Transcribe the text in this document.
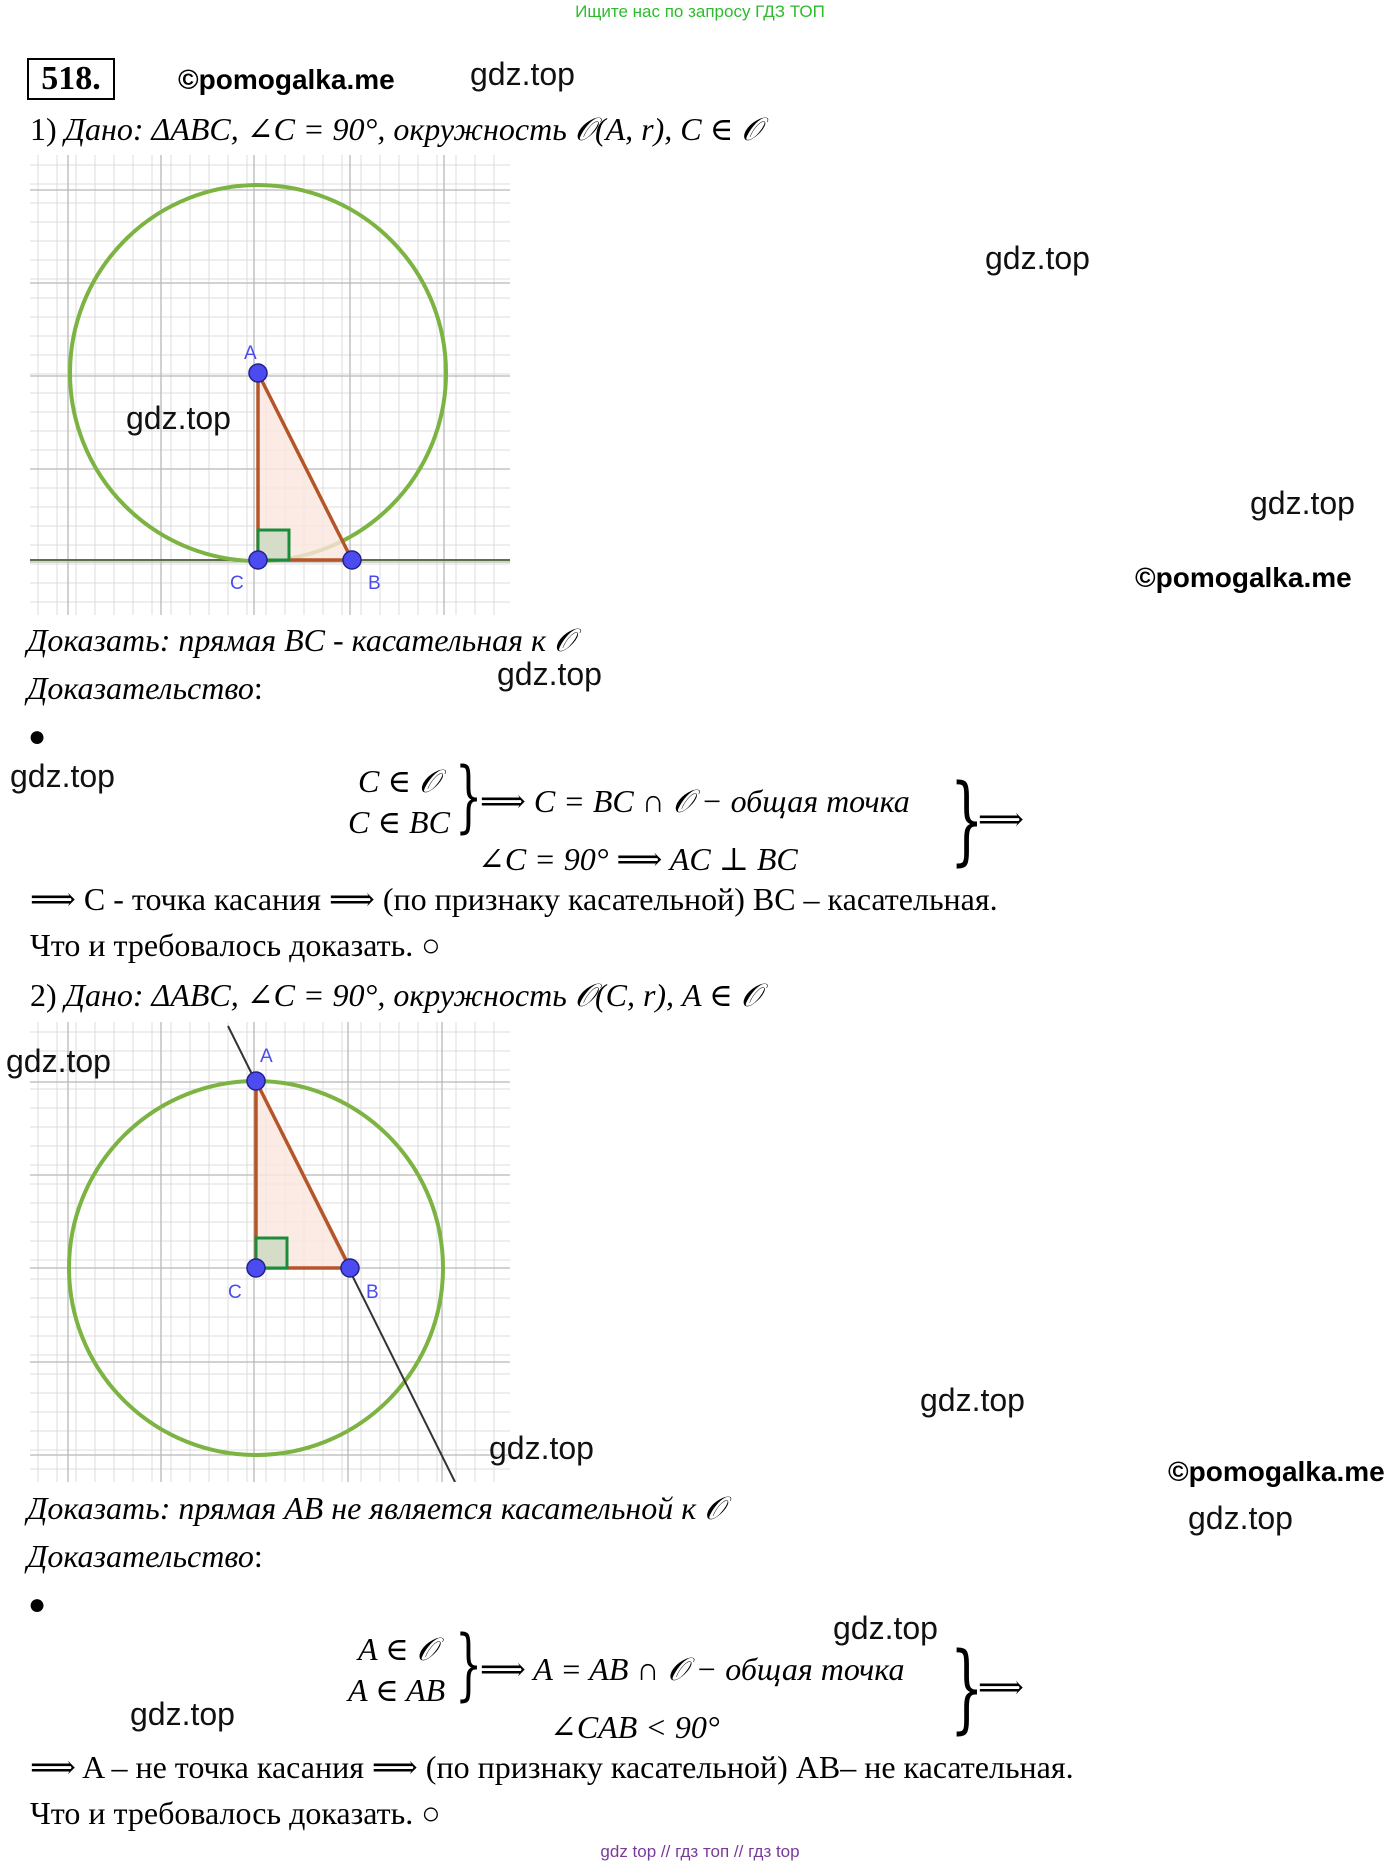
Ищите нас по запросу ГДЗ ТОП
518.	©pomogalka.me gdz.top
1) Дано: ΔABC, ∠C = 90°, окружность 𝒪(A, r), C ∈ 𝒪
A
C	B
gdz.top
gdz.top
gdz.top
©pomogalka.me
Доказать: прямая BC - касательная к 𝒪
Доказательство:	gdz.top
●
gdz.top	C ∈ 𝒪
C ∈ BC }
⟹ C = BC ∩ 𝒪 − общая точка
∠C = 90° ⟹ AC ⊥ BC }
⟹
⟹ C - точка касания ⟹ (по признаку касательной) BC – касательная.
Что и требовалось доказать. ○
2) Дано: ΔABC, ∠C = 90°, окружность 𝒪(C, r), A ∈ 𝒪
A
C	B
gdz.top
gdz.top
gdz.top
©pomogalka.me
gdz.top
Доказать: прямая AB не является касательной к 𝒪
Доказательство:
●
gdz.top
gdz.top
A ∈ 𝒪
A ∈ AB }
⟹ A = AB ∩ 𝒪 − общая точка
∠CAB < 90° }
⟹
⟹ A – не точка касания ⟹ (по признаку касательной) AB– не касательная.
Что и требовалось доказать. ○
gdz top // гдз топ // гдз top
